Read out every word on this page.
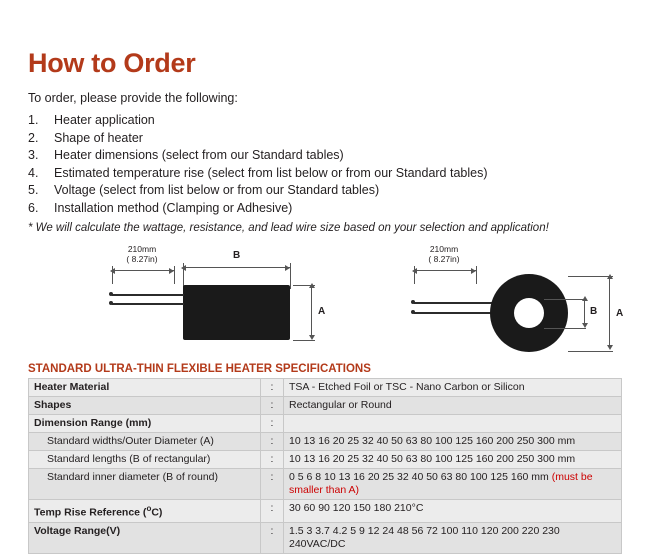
How to Order
To order, please provide the following:
1.	Heater application
2.	Shape of heater
3.	Heater dimensions (select from our Standard tables)
4.	Estimated temperature rise (select from list below or from our Standard tables)
5.	Voltage (select from list below or from our Standard tables)
6.	Installation method (Clamping or Adhesive)
* We will calculate the wattage, resistance, and lead wire size based on your selection and application!
210mm
( 8.27in)	B
A
210mm
( 8.27in)
B A
STANDARD ULTRA-THIN FLEXIBLE HEATER SPECIFICATIONS
Heater Material	:	TSA - Etched Foil or TSC - Nano Carbon or Silicon
Shapes	:	Rectangular or Round
Dimension Range (mm)	:	
Standard widths/Outer Diameter (A)	:	10 13 16 20 25 32 40 50 63 80 100 125 160 200 250 300 mm
Standard lengths (B of rectangular)	:	10 13 16 20 25 32 40 50 63 80 100 125 160 200 250 300 mm
Standard inner diameter (B of round)	:	0 5 6 8 10 13 16 20 25 32 40 50 63 80 100 125 160 mm (must be smaller than A)
Temp Rise Reference ($^o$C)	:	30 60 90 120 150 180 210°C
Voltage Range(V)	:	1.5 3 3.7 4.2 5 9 12 24 48 56 72 100 110 120 200 220 230 240VAC/DC
